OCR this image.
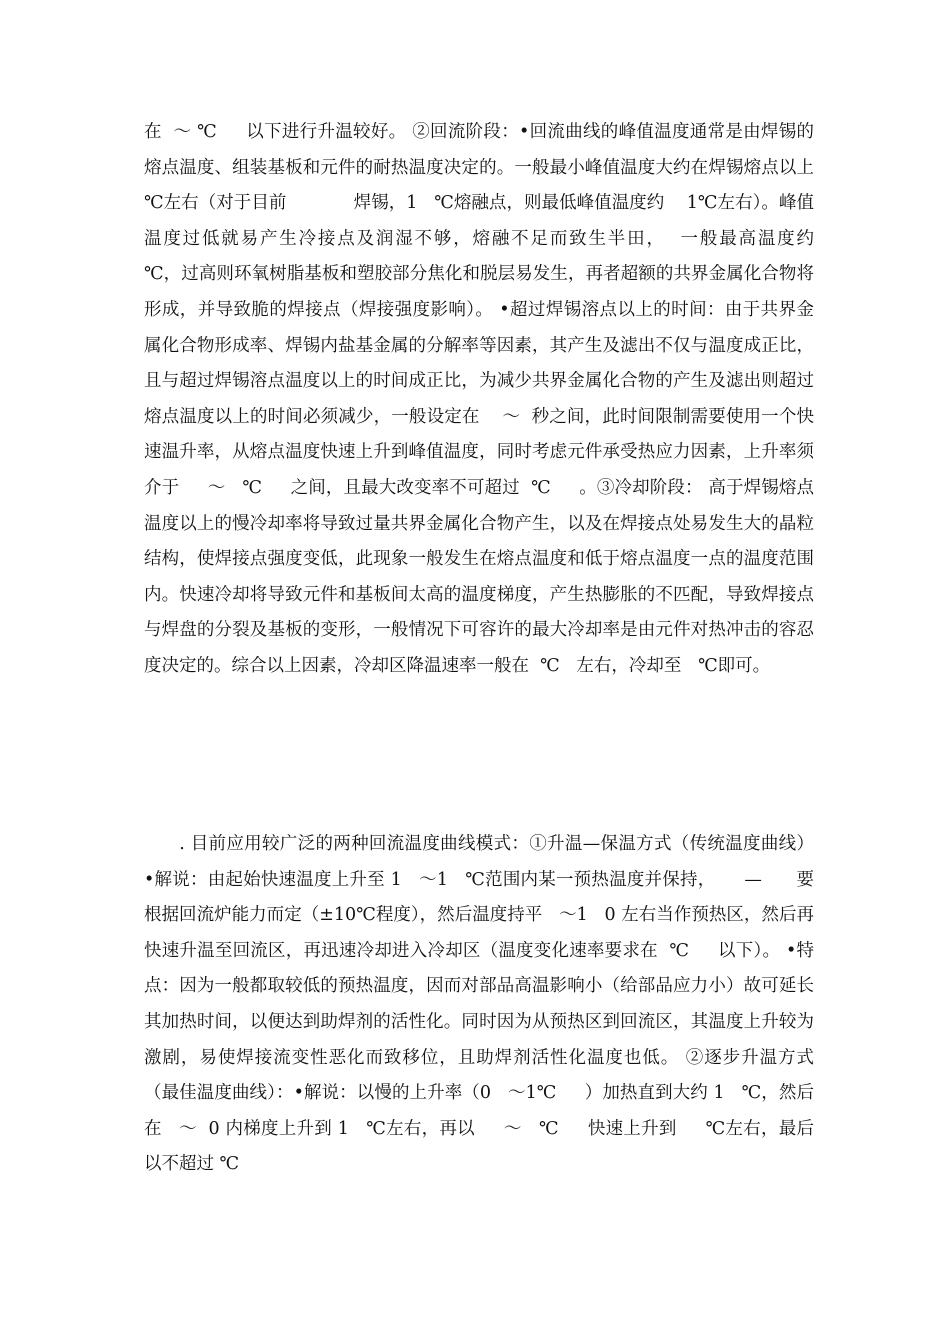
在  ～ ℃     以下进行升温较好。 ②回流阶段：•回流曲线的峰值温度通常是由焊锡的熔点温度、组装基板和元件的耐热温度决定的。一般最小峰值温度大约在焊锡熔点以上   ℃左右（对于目前            焊锡，1   ℃熔融点，则最低峰值温度约    1℃左右）。峰值温度过低就易产生冷接点及润湿不够，熔融不足而致生半田，  一般最高温度约     ℃，过高则环氧树脂基板和塑胶部分焦化和脱层易发生，再者超额的共界金属化合物将形成，并导致脆的焊接点（焊接强度影响）。 •超过焊锡溶点以上的时间：由于共界金属化合物形成率、焊锡内盐基金属的分解率等因素，其产生及滤出不仅与温度成正比，且与超过焊锡溶点温度以上的时间成正比，为减少共界金属化合物的产生及滤出则超过熔点温度以上的时间必须减少，一般设定在    ～  秒之间，此时间限制需要使用一个快速温升率，从熔点温度快速上升到峰值温度，同时考虑元件承受热应力因素，上升率须介于     ～   ℃     之间，且最大改变率不可超过  ℃     。③冷却阶段： 高于焊锡熔点温度以上的慢冷却率将导致过量共界金属化合物产生，以及在焊接点处易发生大的晶粒结构，使焊接点强度变低，此现象一般发生在熔点温度和低于熔点温度一点的温度范围内。快速冷却将导致元件和基板间太高的温度梯度，产生热膨胀的不匹配，导致焊接点与焊盘的分裂及基板的变形，一般情况下可容许的最大冷却率是由元件对热冲击的容忍度决定的。综合以上因素，冷却区降温速率一般在  ℃   左右，冷却至   ℃即可。

. 目前应用较广泛的两种回流温度曲线模式：①升温—保温方式（传统温度曲线） •解说：由起始快速温度上升至 1   ～1   ℃范围内某一预热温度并保持，     —      要根据回流炉能力而定（±10℃程度），然后温度持平   ～1   0 左右当作预热区，然后再快速升温至回流区，再迅速冷却进入冷却区（温度变化速率要求在  ℃     以下）。 •特点：因为一般都取较低的预热温度，因而对部品高温影响小（给部品应力小）故可延长其加热时间，以便达到助焊剂的活性化。同时因为从预热区到回流区，其温度上升较为激剧，易使焊接流变性恶化而致移位，且助焊剂活性化温度也低。 ②逐步升温方式（最佳温度曲线）：•解说：以慢的上升率（0   ～1℃     ）加热直到大约 1   ℃，然后在   ～  0 内梯度上升到 1   ℃左右，再以     ～   ℃     快速上升到     ℃左右，最后以不超过 ℃
